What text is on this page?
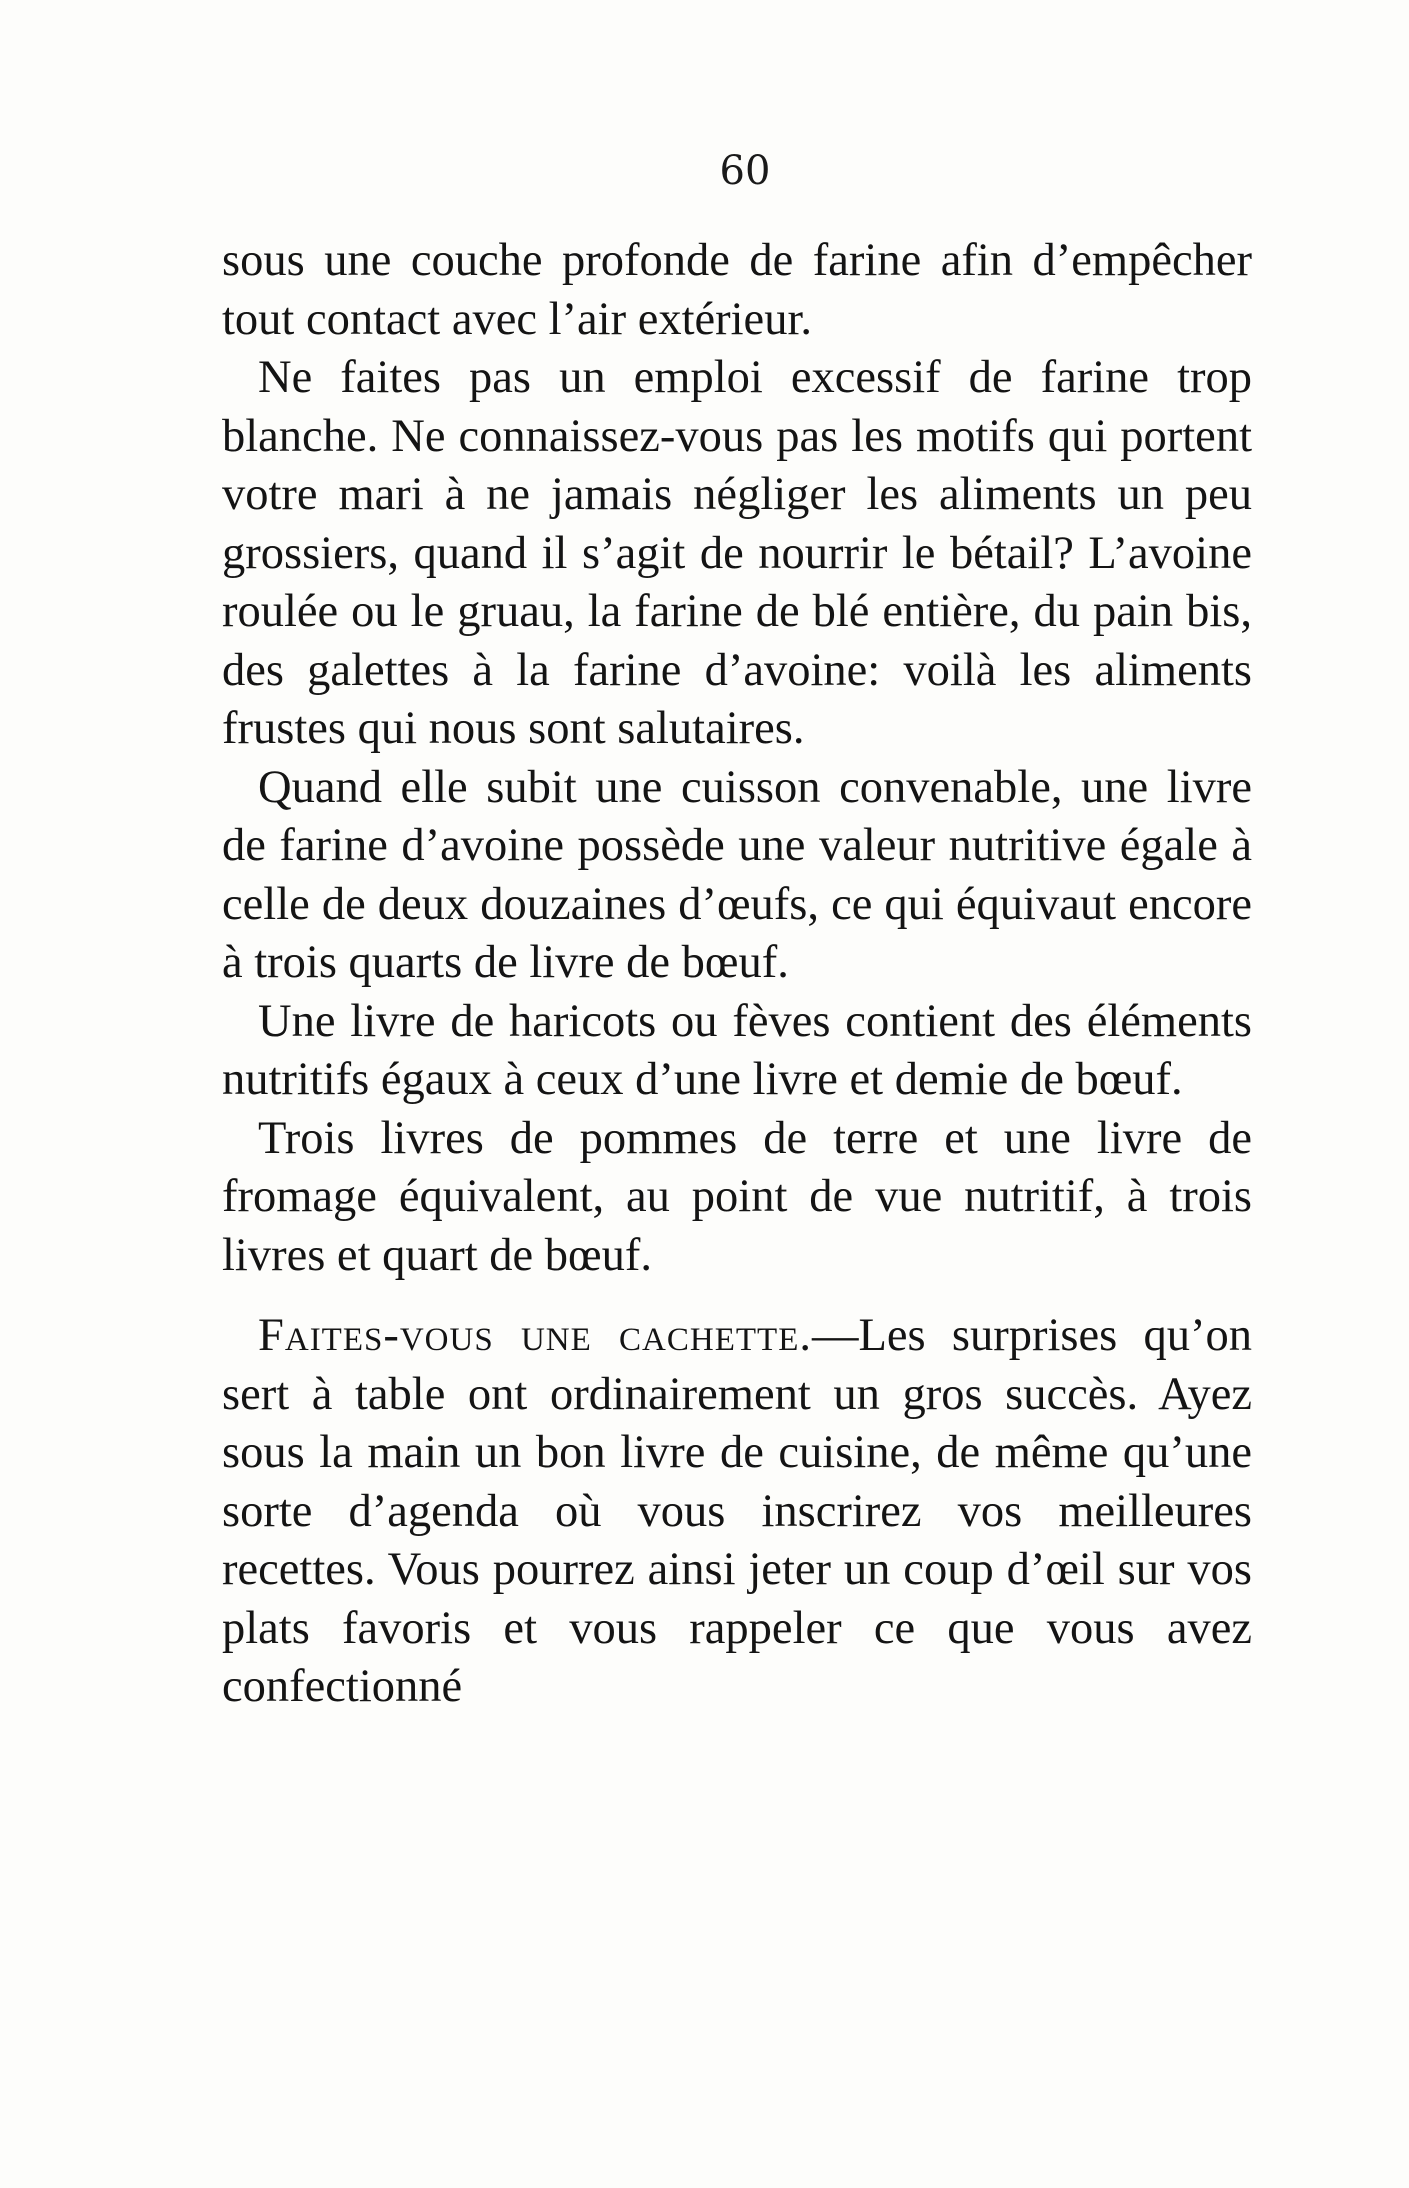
60

sous une couche profonde de farine afin d’empêcher tout contact avec l’air extérieur.

Ne faites pas un emploi excessif de farine trop blanche. Ne connaissez-vous pas les motifs qui portent votre mari à ne jamais négliger les aliments un peu grossiers, quand il s’agit de nourrir le bétail? L’avoine roulée ou le gruau, la farine de blé entière, du pain bis, des galettes à la farine d’avoine: voilà les aliments frustes qui nous sont salutaires.

Quand elle subit une cuisson convenable, une livre de farine d’avoine possède une valeur nutritive égale à celle de deux douzaines d’œufs, ce qui équivaut encore à trois quarts de livre de bœuf.

Une livre de haricots ou fèves contient des éléments nutritifs égaux à ceux d’une livre et demie de bœuf.

Trois livres de pommes de terre et une livre de fromage équivalent, au point de vue nutritif, à trois livres et quart de bœuf.

Faites-vous une cachette.—Les surprises qu’on sert à table ont ordinairement un gros succès. Ayez sous la main un bon livre de cuisine, de même qu’une sorte d’agenda où vous inscrirez vos meilleures recettes. Vous pourrez ainsi jeter un coup d’œil sur vos plats favoris et vous rappeler ce que vous avez confectionné
